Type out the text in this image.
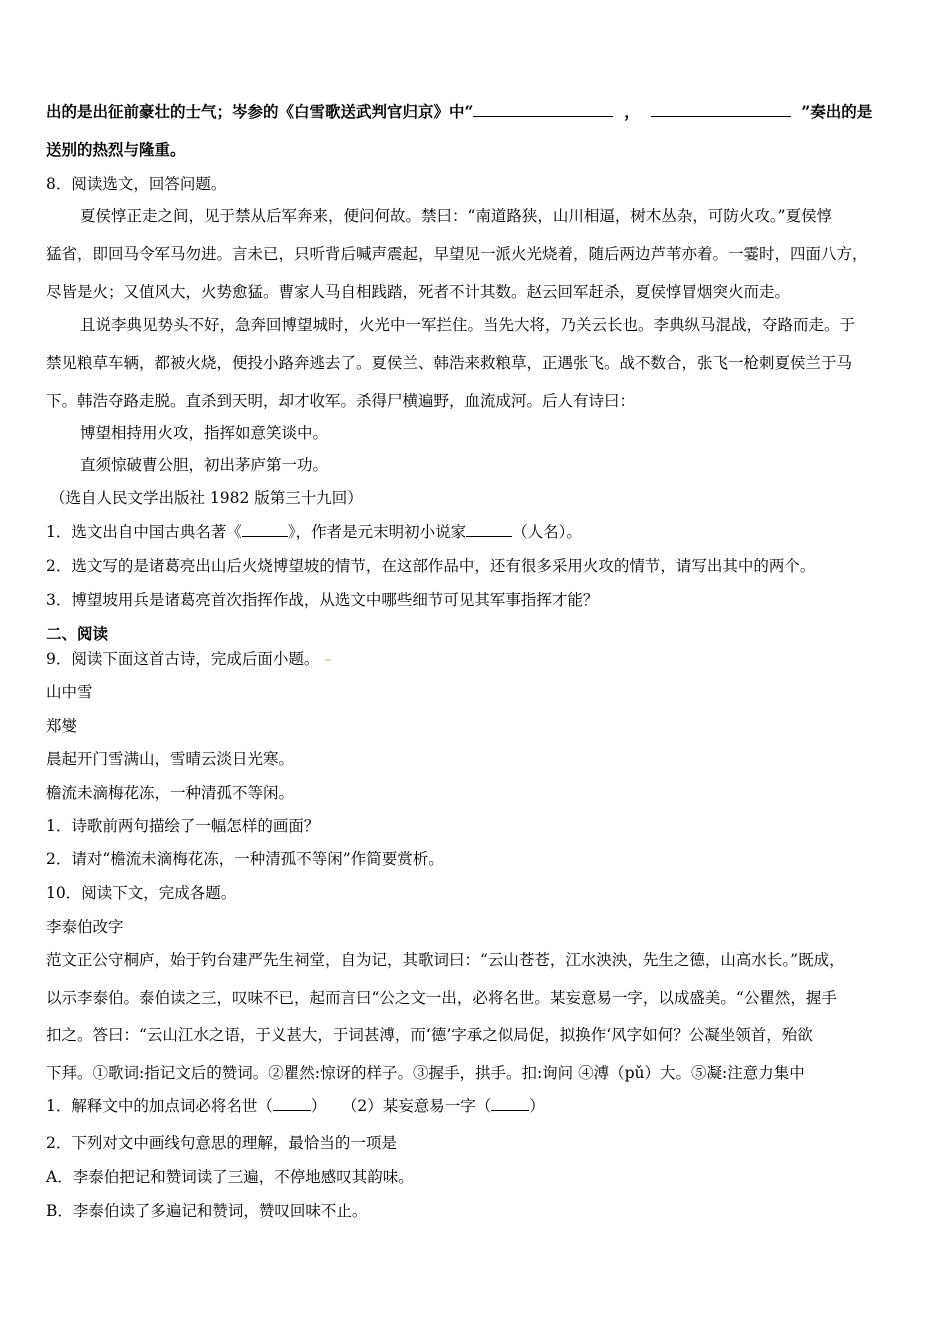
出的是出征前豪壮的士气；岑参的《白雪歌送武判官归京》中“	，	”奏出的是
送别的热烈与隆重。
8．阅读选文，回答问题。
夏侯惇正走之间，见于禁从后军奔来，便问何故。禁曰：“南道路狭，山川相逼，树木丛杂，可防火攻。”夏侯惇
猛省，即回马令军马勿进。言未已，只听背后喊声震起，早望见一派火光烧着，随后两边芦苇亦着。一霎时，四面八方，
尽皆是火；又值风大，火势愈猛。曹家人马自相践踏，死者不计其数。赵云回军赶杀，夏侯惇冒烟突火而走。
且说李典见势头不好，急奔回博望城时，火光中一军拦住。当先大将，乃关云长也。李典纵马混战，夺路而走。于
禁见粮草车辆，都被火烧，便投小路奔逃去了。夏侯兰、韩浩来救粮草，正遇张飞。战不数合，张飞一枪刺夏侯兰于马
下。韩浩夺路走脱。直杀到天明，却才收军。杀得尸横遍野，血流成河。后人有诗曰：
博望相持用火攻，指挥如意笑谈中。
直须惊破曹公胆，初出茅庐第一功。
（选自人民文学出版社 1982 版第三十九回）
1．选文出自中国古典名著《	》，作者是元末明初小说家	（人名）。
2．选文写的是诸葛亮出山后火烧博望坡的情节，在这部作品中，还有很多采用火攻的情节，请写出其中的两个。
3．博望坡用兵是诸葛亮首次指挥作战，从选文中哪些细节可见其军事指挥才能？
二、阅读
9．阅读下面这首古诗，完成后面小题。
山中雪
郑燮
晨起开门雪满山，雪晴云淡日光寒。
檐流未滴梅花冻，一种清孤不等闲。
1．诗歌前两句描绘了一幅怎样的画面？
2．请对“檐流未滴梅花冻，一种清孤不等闲”作简要赏析。
10．阅读下文，完成各题。
李泰伯改字
范文正公守桐庐，始于钓台建严先生祠堂，自为记，其歌词曰：“云山苍苍，江水泱泱，先生之德，山高水长。”既成，
以示李泰伯。泰伯读之三，叹味不已，起而言曰“公之文一出，必将名世。某妄意易一字，以成盛美。“公瞿然，握手
扣之。答曰：“云山江水之语，于义甚大，于词甚溥，而‘德’字承之似局促，拟换作‘风字如何？公凝坐领首，殆欲
下拜。①歌词:指记文后的赞词。②瞿然:惊讶的样子。③握手，拱手。扣:询问 ④溥（pǔ）大。⑤凝:注意力集中
1．解释文中的加点词必将名世（ ）　　（2）某妄意易一字（ ）
2．下列对文中画线句意思的理解，最恰当的一项是
A．李泰伯把记和赞词读了三遍，不停地感叹其韵味。
B．李泰伯读了多遍记和赞词，赞叹回味不止。
